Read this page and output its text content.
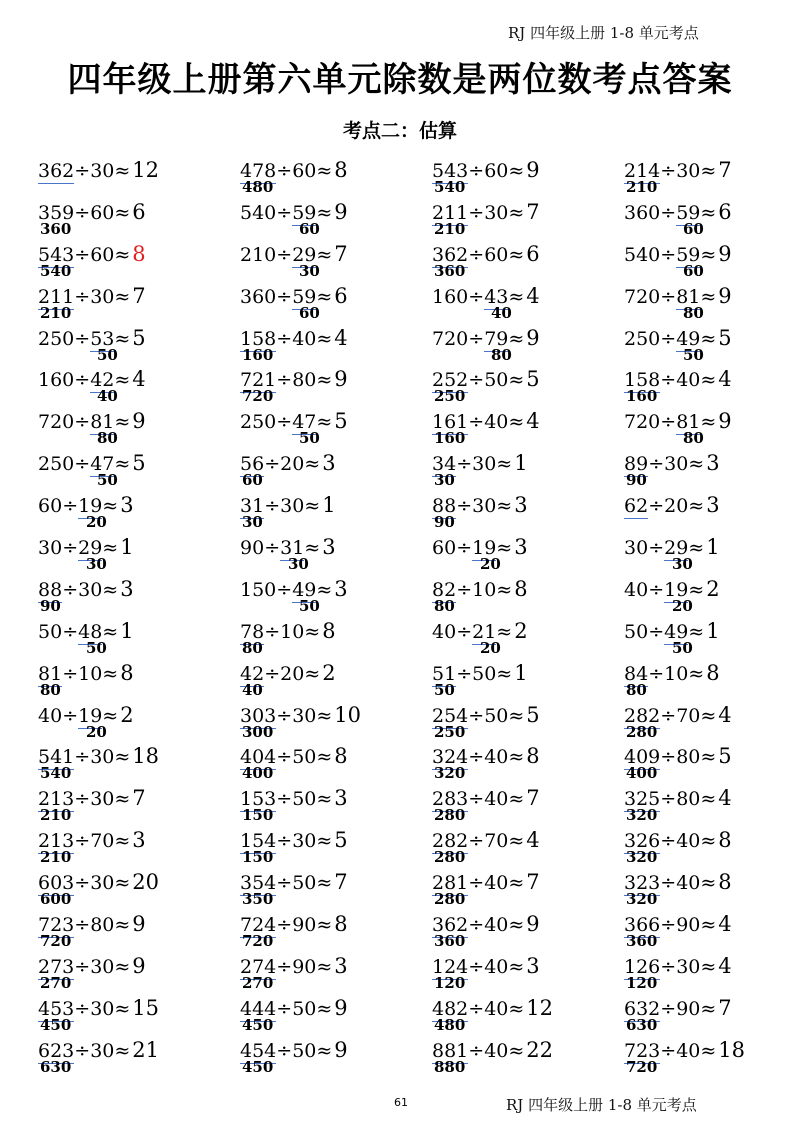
RJ 四年级上册 1-8 单元考点
四年级上册第六单元除数是两位数考点答案
考点二：估算
362÷30≈12
359÷60≈6
360
543÷60≈8
540
211÷30≈7
210
250÷53≈5
50
160÷42≈4
40
720÷81≈9
80
250÷47≈5
50
60÷19≈3
20
30÷29≈1
30
88÷30≈3
90
50÷48≈1
50
81÷10≈8
80
40÷19≈2
20
541÷30≈18
540
213÷30≈7
210
213÷70≈3
210
603÷30≈20
600
723÷80≈9
720
273÷30≈9
270
453÷30≈15
450
623÷30≈21
630
478÷60≈8
480
540÷59≈9
60
210÷29≈7
30
360÷59≈6
60
158÷40≈4
160
721÷80≈9
720
250÷47≈5
50
56÷20≈3
60
31÷30≈1
30
90÷31≈3
30
150÷49≈3
50
78÷10≈8
80
42÷20≈2
40
303÷30≈10
300
404÷50≈8
400
153÷50≈3
150
154÷30≈5
150
354÷50≈7
350
724÷90≈8
720
274÷90≈3
270
444÷50≈9
450
454÷50≈9
450
543÷60≈9
540
211÷30≈7
210
362÷60≈6
360
160÷43≈4
40
720÷79≈9
80
252÷50≈5
250
161÷40≈4
160
34÷30≈1
30
88÷30≈3
90
60÷19≈3
20
82÷10≈8
80
40÷21≈2
20
51÷50≈1
50
254÷50≈5
250
324÷40≈8
320
283÷40≈7
280
282÷70≈4
280
281÷40≈7
280
362÷40≈9
360
124÷40≈3
120
482÷40≈12
480
881÷40≈22
880
214÷30≈7
210
360÷59≈6
60
540÷59≈9
60
720÷81≈9
80
250÷49≈5
50
158÷40≈4
160
720÷81≈9
80
89÷30≈3
90
62÷20≈3
30÷29≈1
30
40÷19≈2
20
50÷49≈1
50
84÷10≈8
80
282÷70≈4
280
409÷80≈5
400
325÷80≈4
320
326÷40≈8
320
323÷40≈8
320
366÷90≈4
360
126÷30≈4
120
632÷90≈7
630
723÷40≈18
720
61	RJ 四年级上册 1-8 单元考点
